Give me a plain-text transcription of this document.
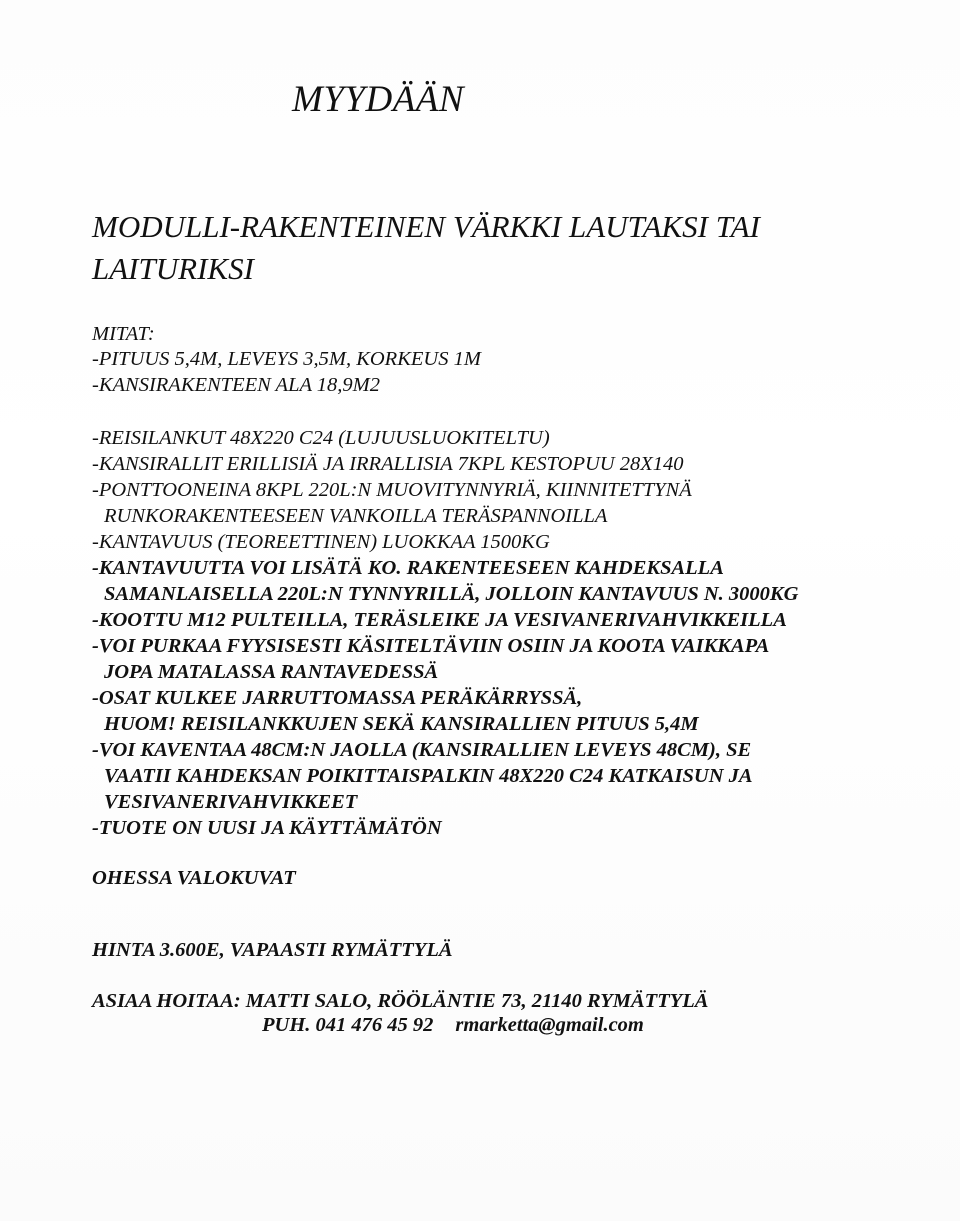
MYYDÄÄN
MODULLI-RAKENTEINEN VÄRKKI LAUTAKSI TAI LAITURIKSI
MITAT:
-PITUUS 5,4M, LEVEYS 3,5M, KORKEUS 1M
-KANSIRAKENTEEN ALA 18,9M2
-REISILANKUT 48X220 C24 (LUJUUSLUOKITELTU)
-KANSIRALLIT ERILLISIÄ JA IRRALLISIA 7KPL KESTOPUU 28X140
-PONTTOONEINA 8KPL 220L:N MUOVITYNNYRIÄ, KIINNITETTYNÄ
RUNKORAKENTEESEEN VANKOILLA TERÄSPANNOILLA
-KANTAVUUS (TEOREETTINEN) LUOKKAA 1500KG
-KANTAVUUTTA VOI LISÄTÄ KO. RAKENTEESEEN KAHDEKSALLA
SAMANLAISELLA 220L:N TYNNYRILLÄ, JOLLOIN KANTAVUUS N. 3000KG
-KOOTTU M12 PULTEILLA, TERÄSLEIKE JA VESIVANERIVAHVIKKEILLA
-VOI PURKAA FYYSISESTI KÄSITELTÄVIIN OSIIN JA KOOTA VAIKKAPA
JOPA MATALASSA RANTAVEDESSÄ
-OSAT KULKEE JARRUTTOMASSA PERÄKÄRRYSSÄ,
HUOM! REISILANKKUJEN SEKÄ KANSIRALLIEN PITUUS 5,4M
-VOI KAVENTAA 48CM:N JAOLLA (KANSIRALLIEN LEVEYS 48CM), SE
VAATII KAHDEKSAN POIKITTAISPALKIN 48X220 C24 KATKAISUN JA
VESIVANERIVAHVIKKEET
-TUOTE ON UUSI JA KÄYTTÄMÄTÖN
OHESSA VALOKUVAT
HINTA 3.600E, VAPAASTI RYMÄTTYLÄ
ASIAA HOITAA: MATTI SALO, RÖÖLÄNTIE 73, 21140 RYMÄTTYLÄ
PUH. 041 476 45 92 rmarketta@gmail.com
